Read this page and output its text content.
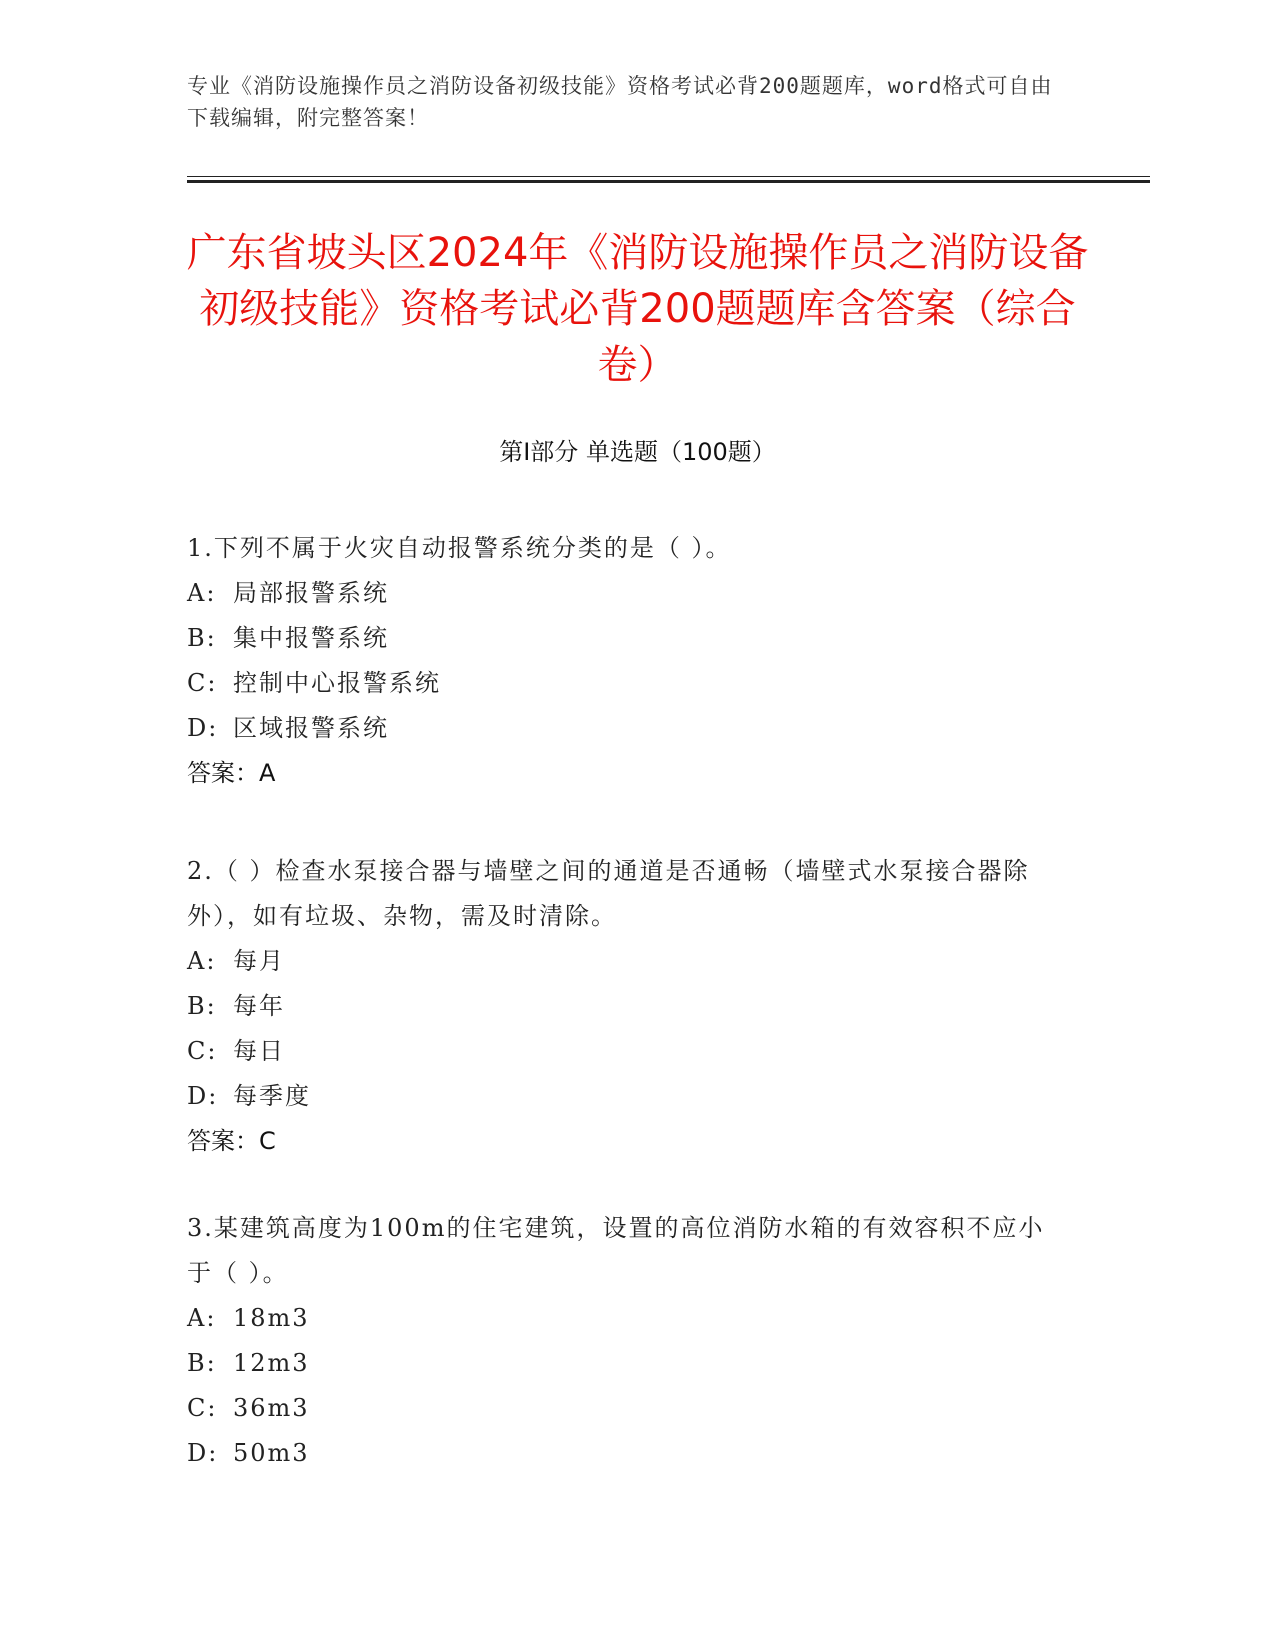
专业《消防设施操作员之消防设备初级技能》资格考试必背200题题库，word格式可自由下载编辑，附完整答案！
广东省坡头区2024年《消防设施操作员之消防设备初级技能》资格考试必背200题题库含答案（综合卷）
第Ⅰ部分 单选题（100题）
1.下列不属于火灾自动报警系统分类的是（ ）。
A: 局部报警系统
B: 集中报警系统
C: 控制中心报警系统
D: 区域报警系统
答案：A
2.（ ）检查水泵接合器与墙壁之间的通道是否通畅（墙壁式水泵接合器除外），如有垃圾、杂物，需及时清除。
A: 每月
B: 每年
C: 每日
D: 每季度
答案：C
3.某建筑高度为100m的住宅建筑，设置的高位消防水箱的有效容积不应小于（ ）。
A: 18m3
B: 12m3
C: 36m3
D: 50m3
